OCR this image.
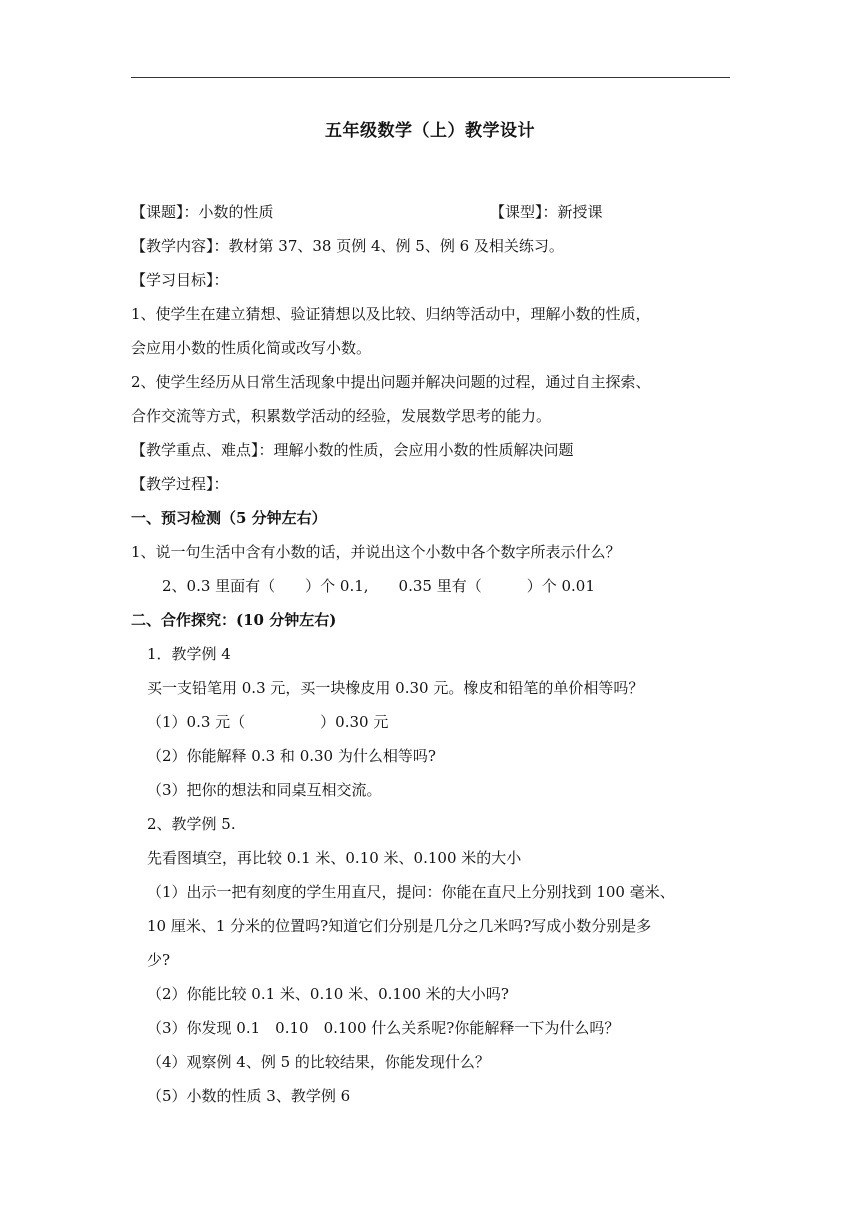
五年级数学（上）教学设计
【课题】：小数的性质	【课型】：新授课
【教学内容】：教材第 37、38 页例 4、例 5、例 6 及相关练习。
【学习目标】：
1、使学生在建立猜想、验证猜想以及比较、归纳等活动中，理解小数的性质，
会应用小数的性质化简或改写小数。
2、使学生经历从日常生活现象中提出问题并解决问题的过程，通过自主探索、
合作交流等方式，积累数学活动的经验，发展数学思考的能力。
【教学重点、难点】：理解小数的性质，会应用小数的性质解决问题
【教学过程】：
一、预习检测（5 分钟左右）
1、说一句生活中含有小数的话，并说出这个小数中各个数字所表示什么？
2、0.3 里面有（　　）个 0.1,　　0.35 里有（　　　）个 0.01
二、合作探究：(10 分钟左右)
1．教学例 4
买一支铅笔用 0.3 元，买一块橡皮用 0.30 元。橡皮和铅笔的单价相等吗？
（1）0.3 元（　　　　　）0.30 元
（2）你能解释 0.3 和 0.30 为什么相等吗?
（3）把你的想法和同桌互相交流。
2、教学例 5.
先看图填空，再比较 0.1 米、0.10 米、0.100 米的大小
（1）出示一把有刻度的学生用直尺，提问：你能在直尺上分别找到 100 毫米、
10 厘米、1 分米的位置吗?知道它们分别是几分之几米吗?写成小数分别是多
少?
（2）你能比较 0.1 米、0.10 米、0.100 米的大小吗?
（3）你发现 0.1　0.10　0.100 什么关系呢?你能解释一下为什么吗？
（4）观察例 4、例 5 的比较结果，你能发现什么？
（5）小数的性质 3、教学例 6
